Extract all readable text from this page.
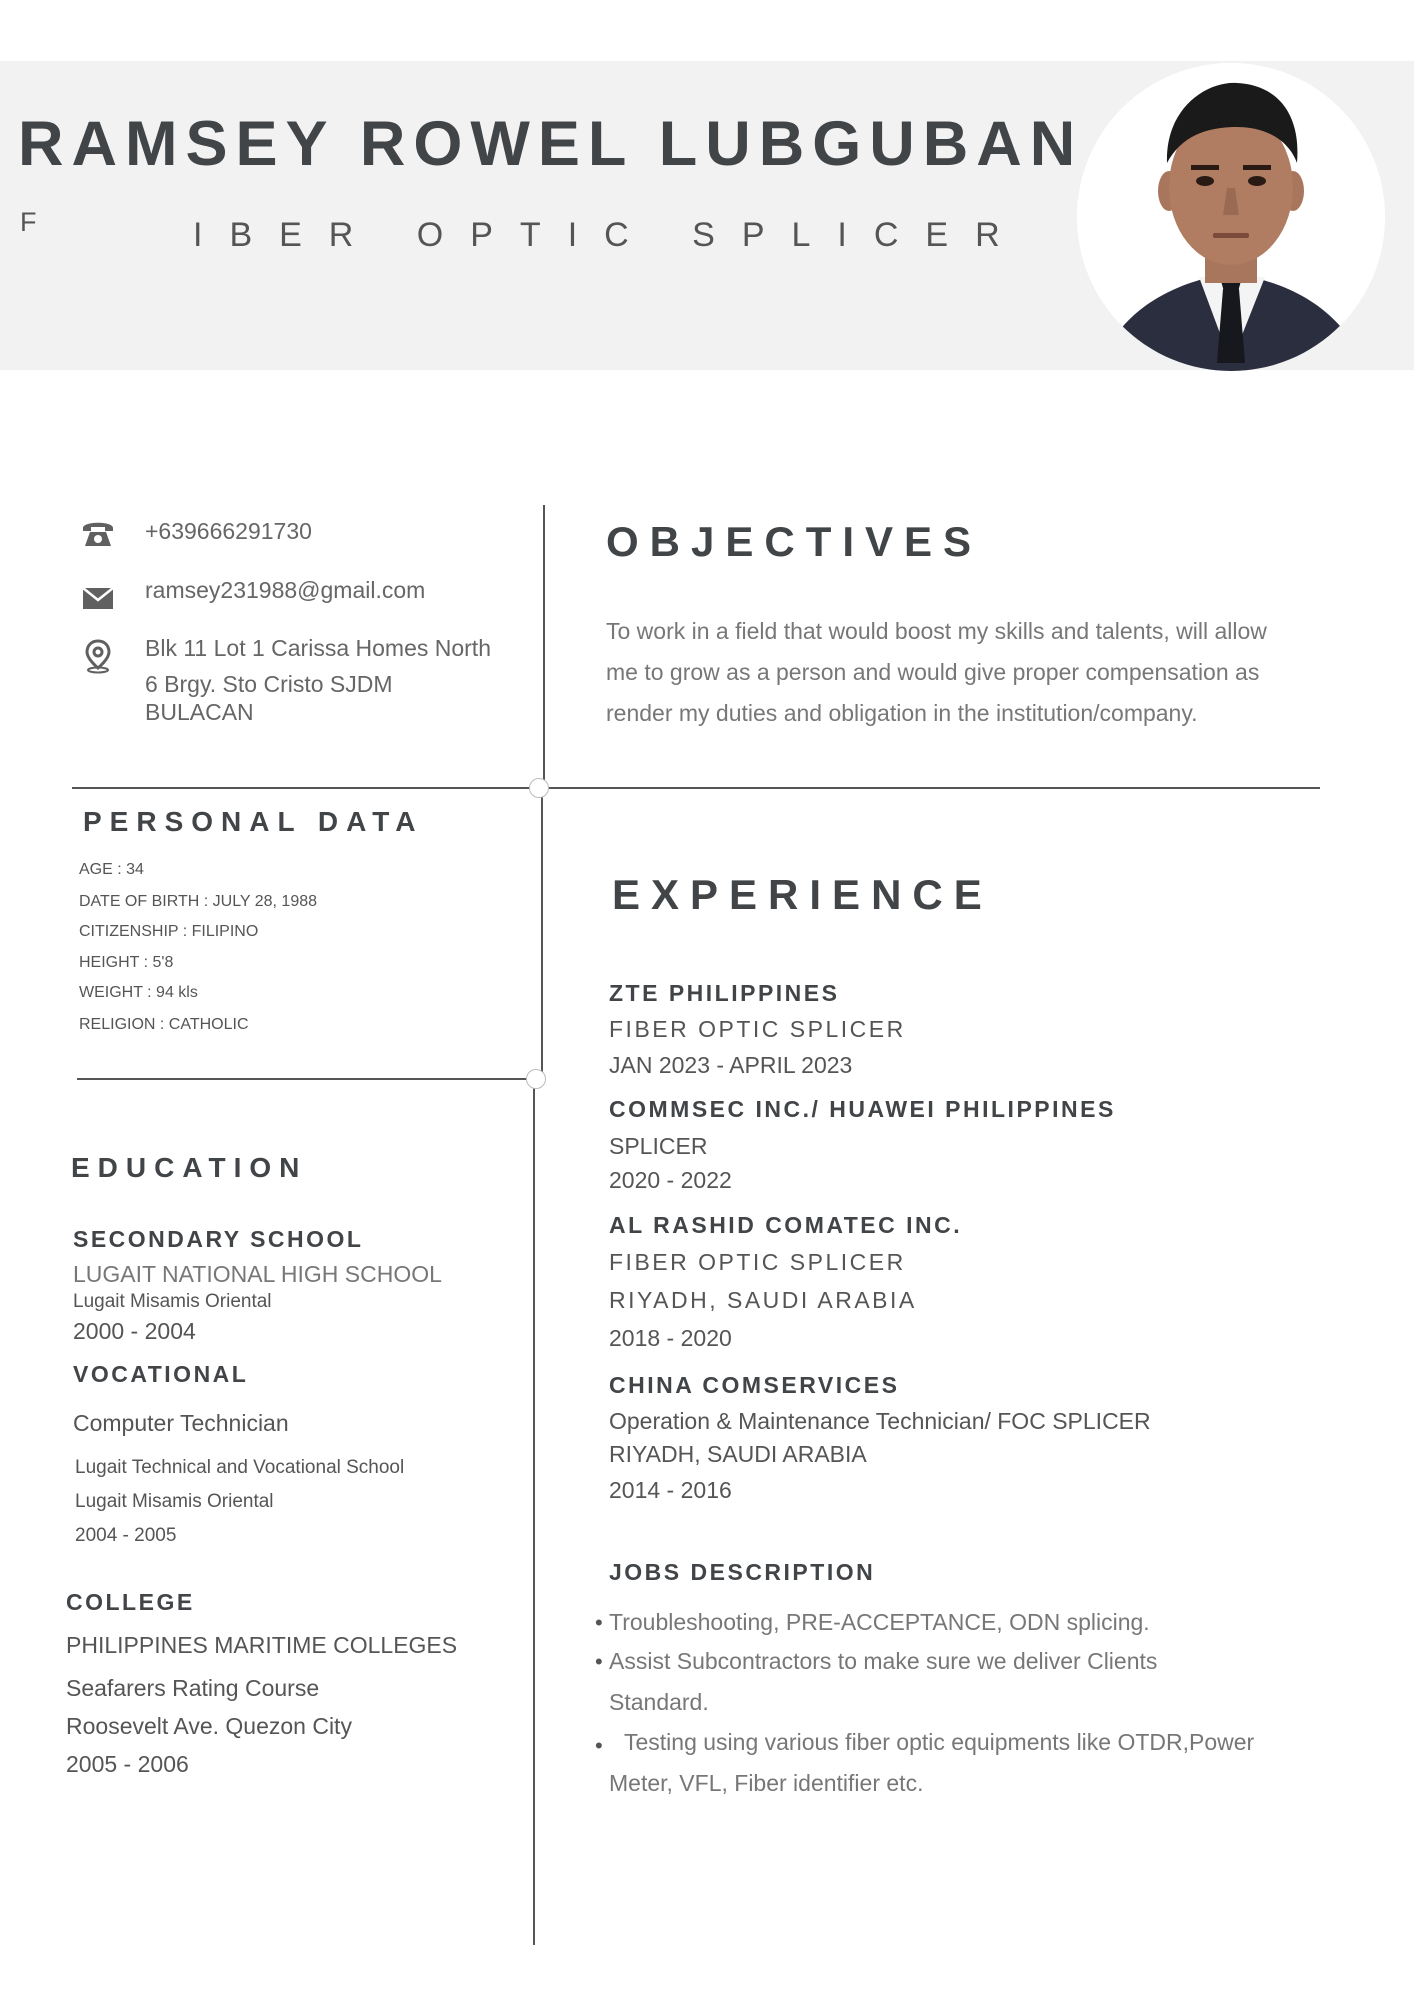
RAMSEY ROWEL LUBGUBAN
F	IBER OPTIC SPLICER
+639666291730
ramsey231988@gmail.com
Blk 11 Lot 1 Carissa Homes North
6 Brgy. Sto Cristo SJDM
BULACAN
OBJECTIVES
To work in a field that would boost my skills and talents, will allow
me to grow as a person and would give proper compensation as
render my duties and obligation in the institution/company.
PERSONAL DATA
AGE : 34
DATE OF BIRTH : JULY 28, 1988
CITIZENSHIP : FILIPINO
HEIGHT : 5'8
WEIGHT : 94 kls
RELIGION : CATHOLIC
EDUCATION
SECONDARY SCHOOL
LUGAIT NATIONAL HIGH SCHOOL
Lugait Misamis Oriental
2000 - 2004
VOCATIONAL
Computer Technician
Lugait Technical and Vocational School
Lugait Misamis Oriental
2004 - 2005
COLLEGE
PHILIPPINES MARITIME COLLEGES
Seafarers Rating Course
Roosevelt Ave. Quezon City
2005 - 2006
EXPERIENCE
ZTE PHILIPPINES
FIBER OPTIC SPLICER
JAN 2023 - APRIL 2023
COMMSEC INC./ HUAWEI PHILIPPINES
SPLICER
2020 - 2022
AL RASHID COMATEC INC.
FIBER OPTIC SPLICER
RIYADH, SAUDI ARABIA
2018 - 2020
CHINA COMSERVICES
Operation & Maintenance Technician/ FOC SPLICER
RIYADH, SAUDI ARABIA
2014 - 2016
JOBS DESCRIPTION
• Troubleshooting, PRE-ACCEPTANCE, ODN splicing.
• Assist Subcontractors to make sure we deliver Clients
Standard.
• Testing using various fiber optic equipments like OTDR,Power
Meter, VFL, Fiber identifier etc.
